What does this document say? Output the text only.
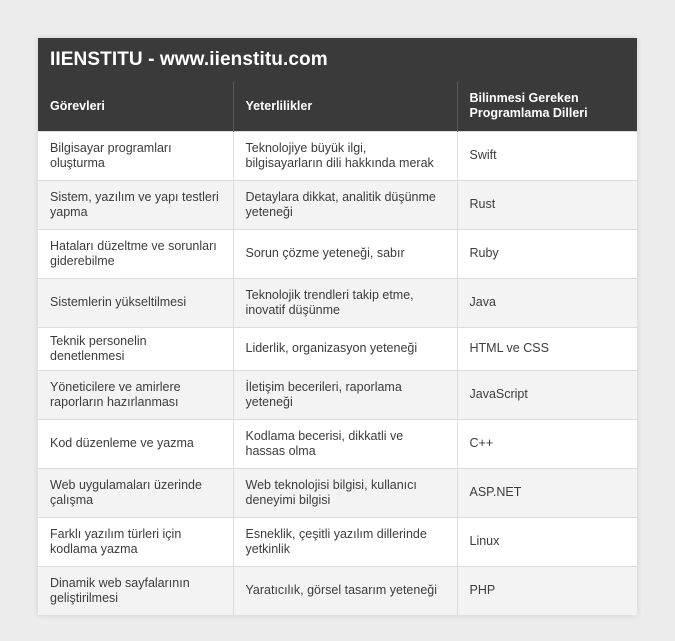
IIENSTITU - www.iienstitu.com
Görevleri	Yeterlilikler	Bilinmesi Gereken Programlama Dilleri
Bilgisayar programları oluşturma	Teknolojiye büyük ilgi, bilgisayarların dili hakkında merak	Swift
Sistem, yazılım ve yapı testleri yapma	Detaylara dikkat, analitik düşünme yeteneği	Rust
Hataları düzeltme ve sorunları giderebilme	Sorun çözme yeteneği, sabır	Ruby
Sistemlerin yükseltilmesi	Teknolojik trendleri takip etme, inovatif düşünme	Java
Teknik personelin denetlenmesi	Liderlik, organizasyon yeteneği	HTML ve CSS
Yöneticilere ve amirlere raporların hazırlanması	İletişim becerileri, raporlama yeteneği	JavaScript
Kod düzenleme ve yazma	Kodlama becerisi, dikkatli ve hassas olma	C++
Web uygulamaları üzerinde çalışma	Web teknolojisi bilgisi, kullanıcı deneyimi bilgisi	ASP.NET
Farklı yazılım türleri için kodlama yazma	Esneklik, çeşitli yazılım dillerinde yetkinlik	Linux
Dinamik web sayfalarının geliştirilmesi	Yaratıcılık, görsel tasarım yeteneği	PHP
